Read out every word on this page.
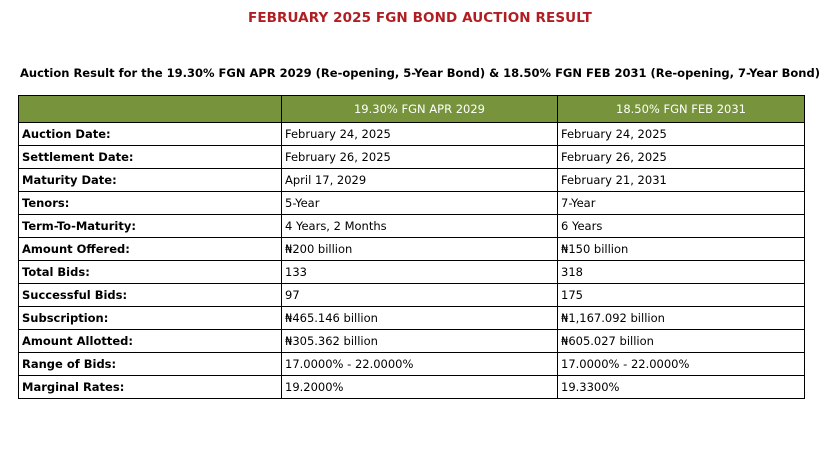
FEBRUARY 2025 FGN BOND AUCTION RESULT
Auction Result for the 19.30% FGN APR 2029 (Re-opening, 5-Year Bond) & 18.50% FGN FEB 2031 (Re-opening, 7-Year Bond)
	19.30% FGN APR 2029	18.50% FGN FEB 2031
Auction Date:	February 24, 2025	February 24, 2025
Settlement Date:	February 26, 2025	February 26, 2025
Maturity Date:	April 17, 2029	February 21, 2031
Tenors:	5-Year	7-Year
Term-To-Maturity:	4 Years, 2 Months	6 Years
Amount Offered:	₦200 billion	₦150 billion
Total Bids:	133	318
Successful Bids:	97	175
Subscription:	₦465.146 billion	₦1,167.092 billion
Amount Allotted:	₦305.362 billion	₦605.027 billion
Range of Bids:	17.0000% - 22.0000%	17.0000% - 22.0000%
Marginal Rates:	19.2000%	19.3300%
